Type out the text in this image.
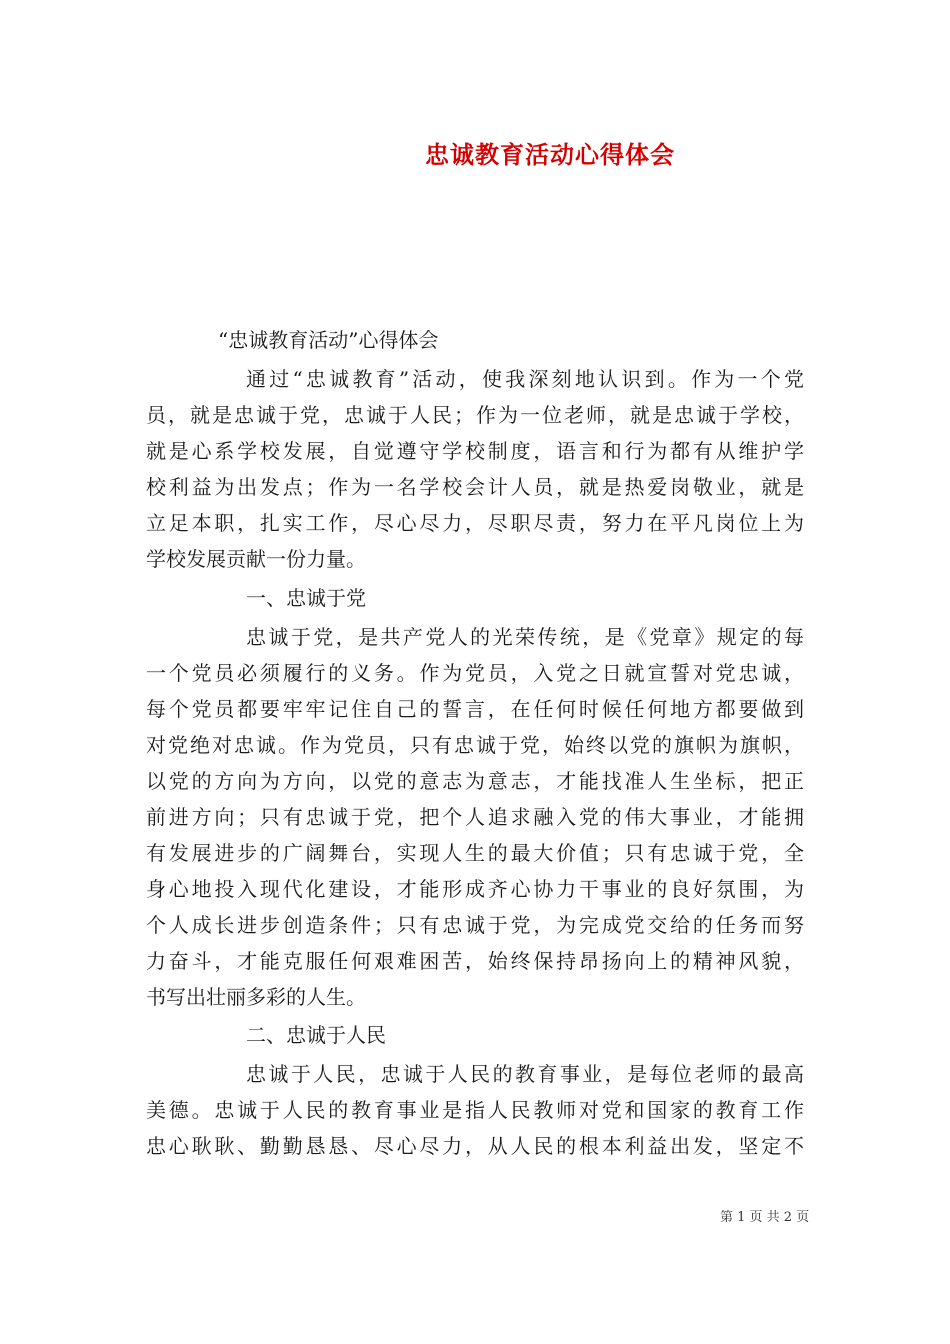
忠诚教育活动心得体会

“忠诚教育活动”心得体会

通过“忠诚教育”活动，使我深刻地认识到。作为一个党

员，就是忠诚于党，忠诚于人民；作为一位老师，就是忠诚于学校，

就是心系学校发展，自觉遵守学校制度，语言和行为都有从维护学

校利益为出发点；作为一名学校会计人员，就是热爱岗敬业，就是

立足本职，扎实工作，尽心尽力，尽职尽责，努力在平凡岗位上为

学校发展贡献一份力量。

一、忠诚于党

忠诚于党，是共产党人的光荣传统，是《党章》规定的每

一个党员必须履行的义务。作为党员，入党之日就宣誓对党忠诚，

每个党员都要牢牢记住自己的誓言，在任何时候任何地方都要做到

对党绝对忠诚。作为党员，只有忠诚于党，始终以党的旗帜为旗帜，

以党的方向为方向，以党的意志为意志，才能找准人生坐标，把正

前进方向；只有忠诚于党，把个人追求融入党的伟大事业，才能拥

有发展进步的广阔舞台，实现人生的最大价值；只有忠诚于党，全

身心地投入现代化建设，才能形成齐心协力干事业的良好氛围，为

个人成长进步创造条件；只有忠诚于党，为完成党交给的任务而努

力奋斗，才能克服任何艰难困苦，始终保持昂扬向上的精神风貌，

书写出壮丽多彩的人生。

二、忠诚于人民

忠诚于人民，忠诚于人民的教育事业，是每位老师的最高

美德。忠诚于人民的教育事业是指人民教师对党和国家的教育工作

忠心耿耿、勤勤恳恳、尽心尽力，从人民的根本利益出发，坚定不

第 1 页 共 2 页
